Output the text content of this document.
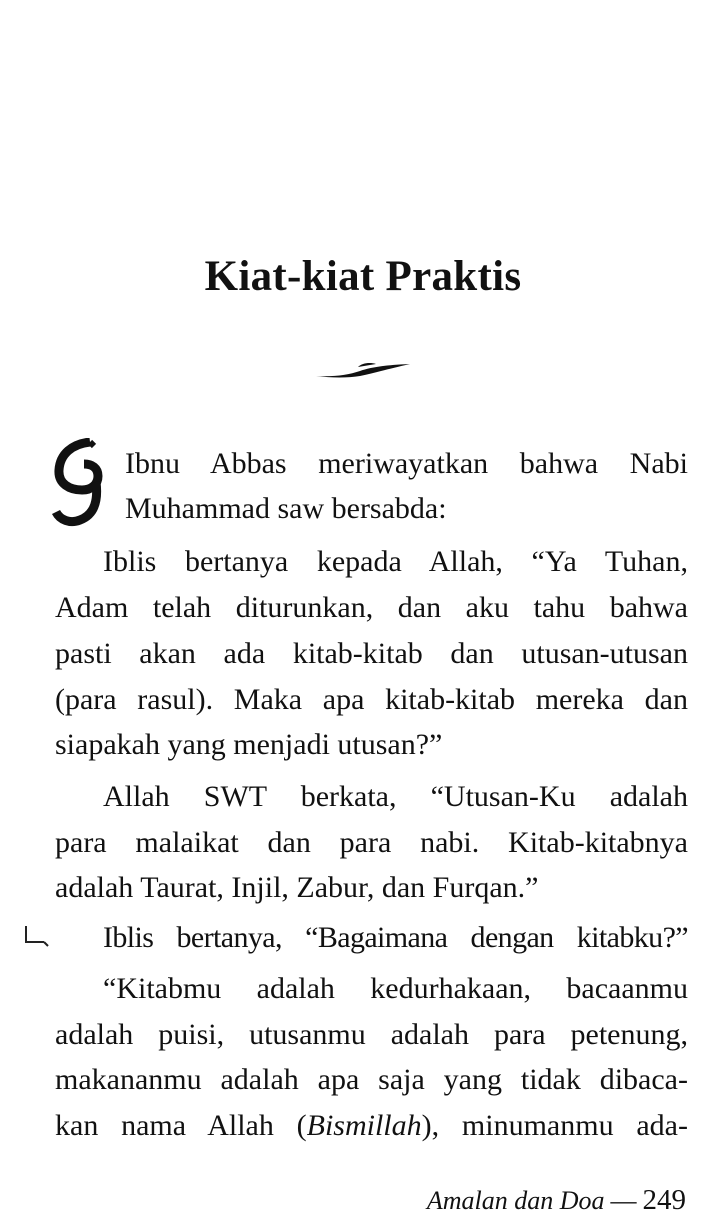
Kiat-kiat Praktis

Ibnu Abbas meriwayatkan bahwa Nabi

Muhammad saw bersabda:

Iblis bertanya kepada Allah, “Ya Tuhan,

Adam telah diturunkan, dan aku tahu bahwa

pasti akan ada kitab-kitab dan utusan-utusan

(para rasul). Maka apa kitab-kitab mereka dan

siapakah yang menjadi utusan?”

Allah SWT berkata, “Utusan-Ku adalah

para malaikat dan para nabi. Kitab-kitabnya

adalah Taurat, Injil, Zabur, dan Furqan.”

Iblis bertanya, “Bagaimana dengan kitabku?”

“Kitabmu adalah kedurhakaan, bacaanmu

adalah puisi, utusanmu adalah para petenung,

makananmu adalah apa saja yang tidak dibaca-

kan nama Allah (Bismillah), minumanmu ada-

Amalan dan Doa — 249
